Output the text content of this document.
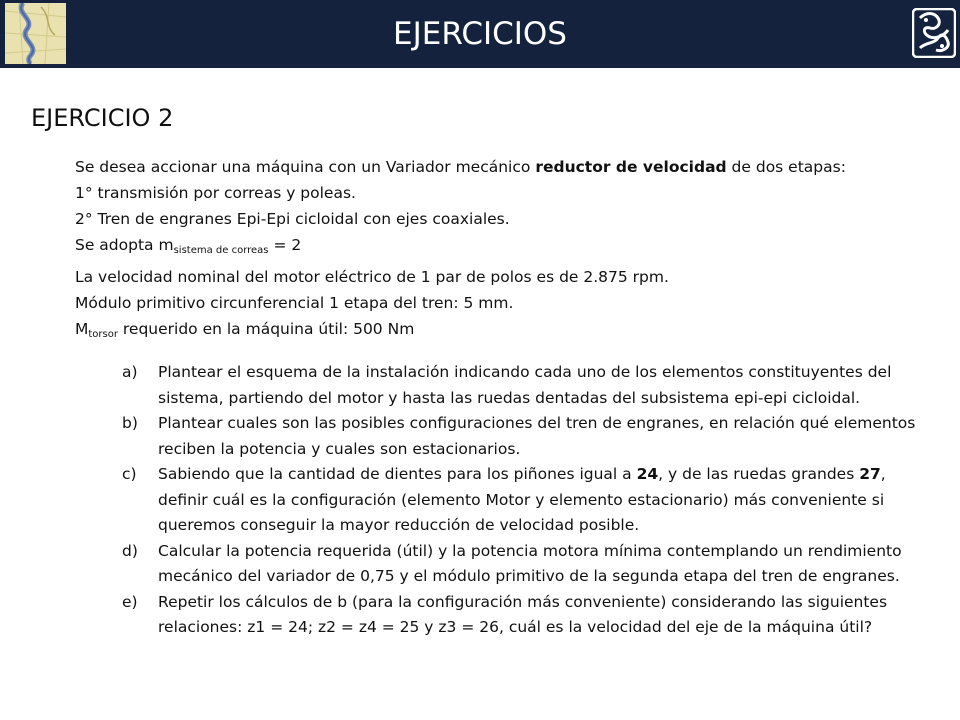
EJERCICIOS
EJERCICIO 2
Se desea accionar una máquina con un Variador mecánico reductor de velocidad de dos etapas:
1° transmisión por correas y poleas.
2° Tren de engranes Epi-Epi cicloidal con ejes coaxiales.
Se adopta $m_{sistema de correas} = 2$
La velocidad nominal del motor eléctrico de 1 par de polos es de 2.875 rpm.
Módulo primitivo circunferencial 1 etapa del tren: 5 mm.
$M_{torsor}$ requerido en la máquina útil: 500 Nm
a) Plantear el esquema de la instalación indicando cada uno de los elementos constituyentes del sistema, partiendo del motor y hasta las ruedas dentadas del subsistema epi-epi cicloidal.
b) Plantear cuales son las posibles configuraciones del tren de engranes, en relación qué elementos reciben la potencia y cuales son estacionarios.
c) Sabiendo que la cantidad de dientes para los piñones igual a 24, y de las ruedas grandes 27, definir cuál es la configuración (elemento Motor y elemento estacionario) más conveniente si queremos conseguir la mayor reducción de velocidad posible.
d) Calcular la potencia requerida (útil) y la potencia motora mínima contemplando un rendimiento mecánico del variador de 0,75 y el módulo primitivo de la segunda etapa del tren de engranes.
e) Repetir los cálculos de b (para la configuración más conveniente) considerando las siguientes relaciones: z1 = 24; z2 = z4 = 25 y z3 = 26, cuál es la velocidad del eje de la máquina útil?
